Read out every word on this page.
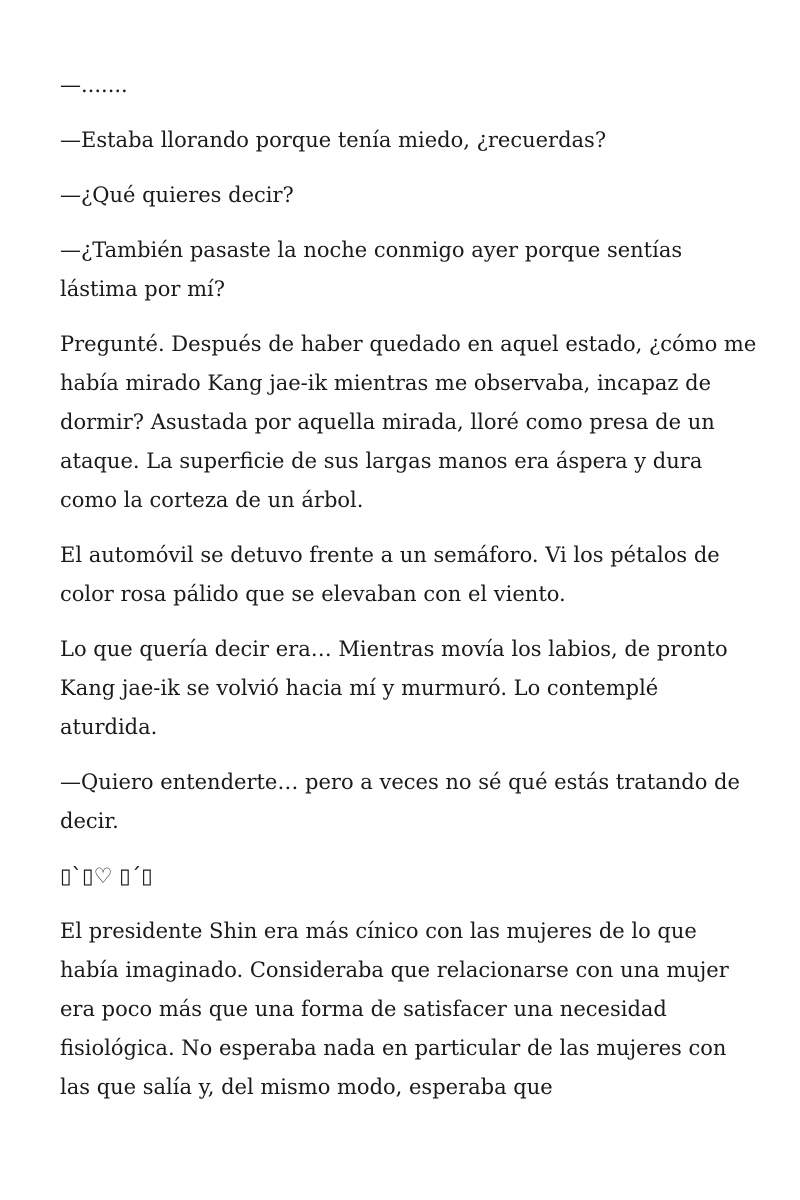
—.......

—Estaba llorando porque tenía miedo, ¿recuerdas?

—¿Qué quieres decir?

—¿También pasaste la noche conmigo ayer porque sentías lástima por mí?

Pregunté. Después de haber quedado en aquel estado, ¿cómo me había mirado Kang jae-ik mientras me observaba, incapaz de dormir? Asustada por aquella mirada, lloré como presa de un ataque. La superficie de sus largas manos era áspera y dura como la corteza de un árbol.

El automóvil se detuvo frente a un semáforo. Vi los pétalos de color rosa pálido que se elevaban con el viento.

Lo que quería decir era… Mientras movía los labios, de pronto Kang jae-ik se volvió hacia mí y murmuró. Lo contemplé aturdida.

—Quiero entenderte… pero a veces no sé qué estás tratando de decir.

▯`▯♡ ▯´▯

El presidente Shin era más cínico con las mujeres de lo que había imaginado. Consideraba que relacionarse con una mujer era poco más que una forma de satisfacer una necesidad fisiológica. No esperaba nada en particular de las mujeres con las que salía y, del mismo modo, esperaba que
